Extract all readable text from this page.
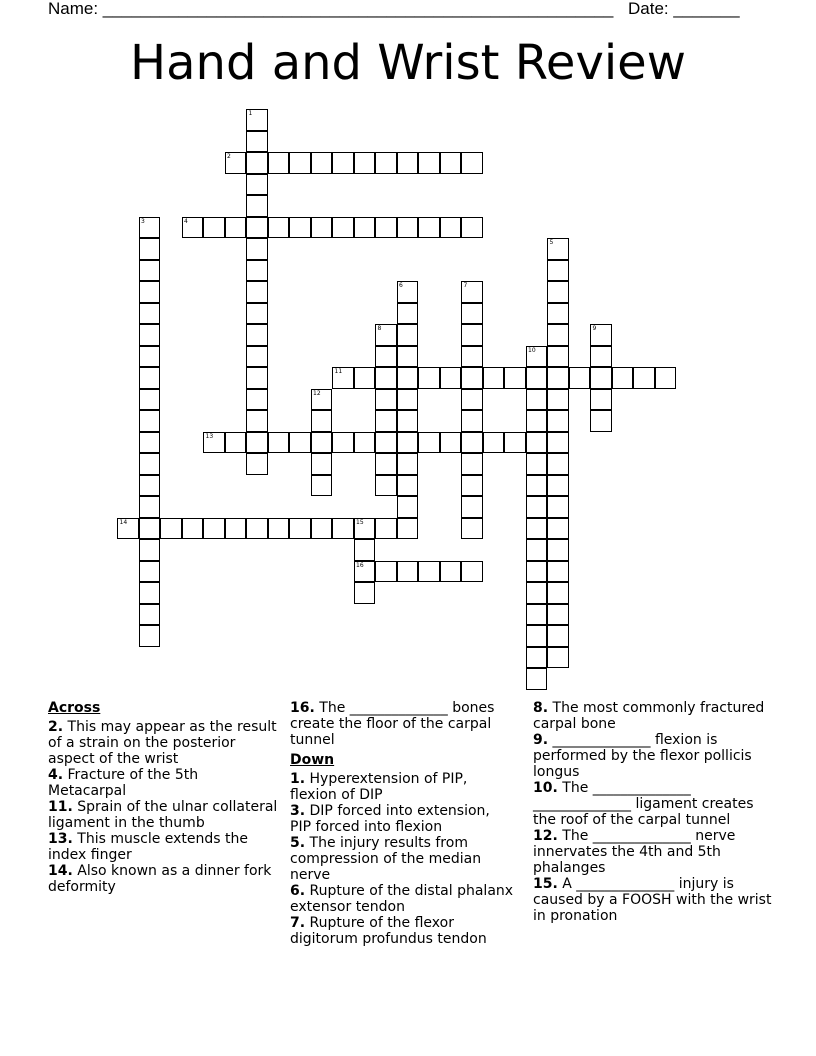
Name: ______________________________________________________ Date: _______
Hand and Wrist Review
1
2
3	4
5
6	7
8	9
10
11
12
13
14	15
16
Across
2. This may appear as the result of a strain on the posterior aspect of the wrist
4. Fracture of the 5th Metacarpal
11. Sprain of the ulnar collateral ligament in the thumb
13. This muscle extends the index finger
14. Also known as a dinner fork deformity
16. The ______________ bones create the floor of the carpal tunnel
Down
1. Hyperextension of PIP, flexion of DIP
3. DIP forced into extension, PIP forced into flexion
5. The injury results from compression of the median nerve
6. Rupture of the distal phalanx extensor tendon
7. Rupture of the flexor digitorum profundus tendon
8. The most commonly fractured carpal bone
9. ______________ flexion is performed by the flexor pollicis longus
10. The ______________ ______________ ligament creates the roof of the carpal tunnel
12. The ______________ nerve innervates the 4th and 5th phalanges
15. A ______________ injury is caused by a FOOSH with the wrist in pronation
